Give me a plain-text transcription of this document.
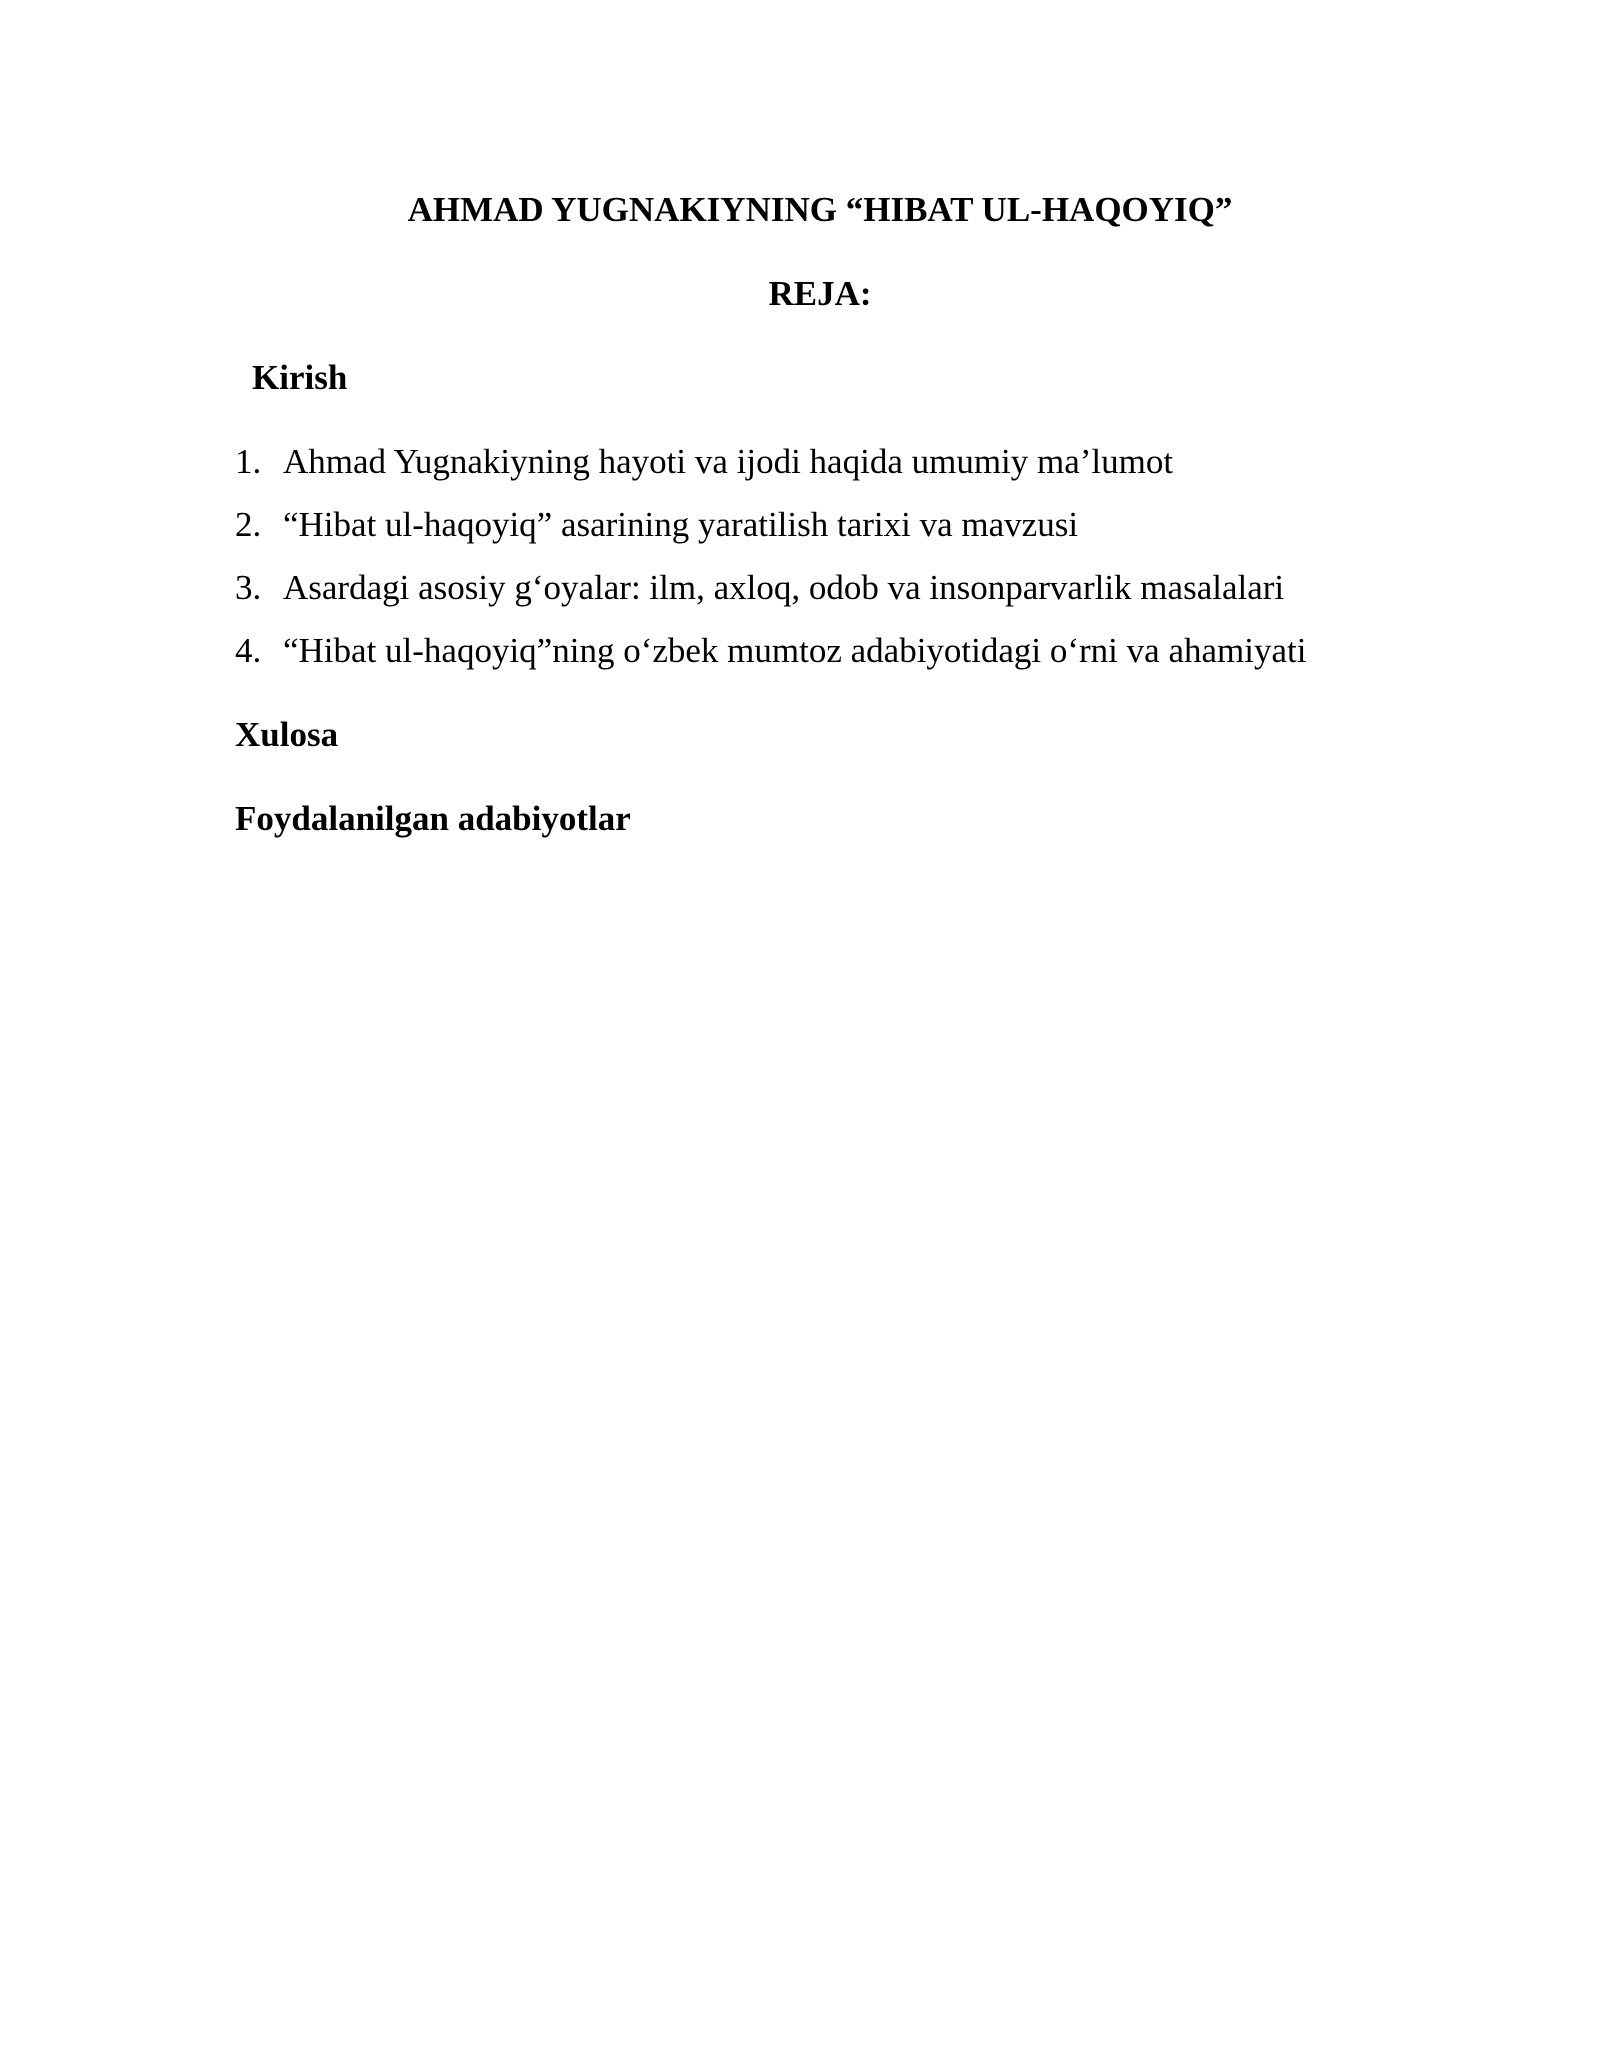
AHMAD YUGNAKIYNING “HIBAT UL-HAQOYIQ”
REJA:
Kirish
1. Ahmad Yugnakiyning hayoti va ijodi haqida umumiy ma’lumot
2. “Hibat ul-haqoyiq” asarining yaratilish tarixi va mavzusi
3. Asardagi asosiy g‘oyalar: ilm, axloq, odob va insonparvarlik masalalari
4. “Hibat ul-haqoyiq”ning o‘zbek mumtoz adabiyotidagi o‘rni va ahamiyati
Xulosa
Foydalanilgan adabiyotlar
